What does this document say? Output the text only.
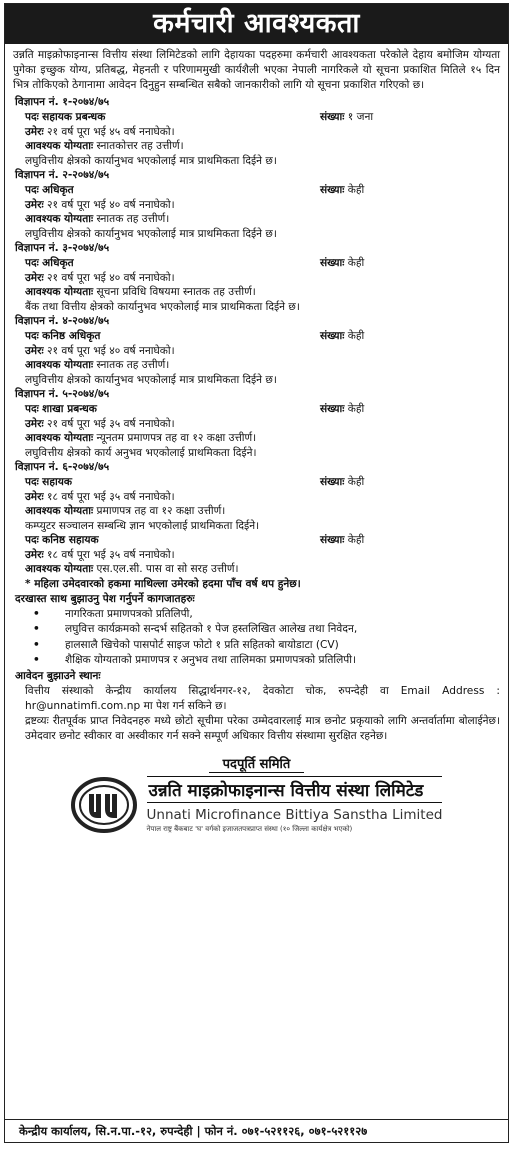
कर्मचारी आवश्यकता
उन्नति माइक्रोफाइनान्स वित्तीय संस्था लिमिटेडको लागि देहायका पदहरुमा कर्मचारी आवश्यकता परेकोले देहाय बमोजिम योग्यता पुगेका इच्छुक योग्य, प्रतिबद्ध, मेहनती र परिणाममुखी कार्यशैली भएका नेपाली नागरिकले यो सूचना प्रकाशित मितिले १५ दिन भित्र तोकिएको ठेगानामा आवेदन दिनुहुन सम्बन्धित सबैको जानकारीको लागि यो सूचना प्रकाशित गरिएको छ।
विज्ञापन नं. १-२०७४/७५
पदः सहायक प्रबन्धक	संख्याः १ जना
उमेरः २१ वर्ष पूरा भई ४५ वर्ष ननाघेको।
आवश्यक योग्यताः स्नातकोत्तर तह उत्तीर्ण।
लघुवित्तीय क्षेत्रको कार्यानुभव भएकोलाई मात्र प्राथमिकता दिईने छ।
विज्ञापन नं. २-२०७४/७५
पदः अधिकृत	संख्याः केही
उमेरः २१ वर्ष पूरा भई ४० वर्ष ननाघेको।
आवश्यक योग्यताः स्नातक तह उत्तीर्ण।
लघुवित्तीय क्षेत्रको कार्यानुभव भएकोलाई मात्र प्राथमिकता दिईने छ।
विज्ञापन नं. ३-२०७४/७५
पदः अधिकृत	संख्याः केही
उमेरः २१ वर्ष पूरा भई ४० वर्ष ननाघेको।
आवश्यक योग्यताः सूचना प्रविधि विषयमा स्नातक तह उत्तीर्ण।
बैंक तथा वित्तीय क्षेत्रको कार्यानुभव भएकोलाई मात्र प्राथमिकता दिईने छ।
विज्ञापन नं. ४-२०७४/७५
पदः कनिष्ठ अधिकृत	संख्याः केही
उमेरः २१ वर्ष पूरा भई ४० वर्ष ननाघेको।
आवश्यक योग्यताः स्नातक तह उत्तीर्ण।
लघुवित्तीय क्षेत्रको कार्यानुभव भएकोलाई मात्र प्राथमिकता दिईने छ।
विज्ञापन नं. ५-२०७४/७५
पदः शाखा प्रबन्धक	संख्याः केही
उमेरः २१ वर्ष पूरा भई ३५ वर्ष ननाघेको।
आवश्यक योग्यताः न्यूनतम प्रमाणपत्र तह वा १२ कक्षा उत्तीर्ण।
लघुवित्तीय क्षेत्रको कार्य अनुभव भएकोलाई प्राथमिकता दिईने।
विज्ञापन नं. ६-२०७४/७५
पदः सहायक	संख्याः केही
उमेरः १८ वर्ष पूरा भई ३५ वर्ष ननाघेको।
आवश्यक योग्यताः प्रमाणपत्र तह वा १२ कक्षा उत्तीर्ण।
कम्प्युटर सञ्चालन सम्बन्धि ज्ञान भएकोलाई प्राथमिकता दिईने।
पदः कनिष्ठ सहायक	संख्याः केही
उमेरः १८ वर्ष पूरा भई ३५ वर्ष ननाघेको।
आवश्यक योग्यताः एस.एल.सी. पास वा सो सरह उत्तीर्ण।
* महिला उमेदवारको हकमा माथिल्ला उमेरको हदमा पाँच वर्ष थप हुनेछ।
दरखास्त साथ बुझाउनु पेश गर्नुपर्ने कागजातहरुः
• नागरिकता प्रमाणपत्रको प्रतिलिपी,
• लघुवित्त कार्यक्रमको सन्दर्भ सहितको १ पेज हस्तलिखित आलेख तथा निवेदन,
• हालसालै खिचेको पासपोर्ट साइज फोटो १ प्रति सहितको बायोडाटा (CV)
• शैक्षिक योग्यताको प्रमाणपत्र र अनुभव तथा तालिमका प्रमाणपत्रको प्रतिलिपी।
आवेदन बुझाउने स्थानः
वित्तीय संस्थाको केन्द्रीय कार्यालय सिद्धार्थनगर-१२, देवकोटा चोक, रुपन्देही वा Email Address : hr@unnatimfi.com.np मा पेश गर्न सकिने छ।
द्रष्टव्यः रीतपूर्वक प्राप्त निवेदनहरु मध्ये छोटो सूचीमा परेका उम्मेदवारलाई मात्र छनोट प्रकृयाको लागि अन्तर्वार्तामा बोलाईनेछ। उमेदवार छनोट स्वीकार वा अस्वीकार गर्न सक्ने सम्पूर्ण अधिकार वित्तीय संस्थामा सुरक्षित रहनेछ।
पदपूर्ति समिति
उन्नति माइक्रोफाइनान्स वित्तीय संस्था लिमिटेड
Unnati Microfinance Bittiya Sanstha Limited
नेपाल राष्ट्र बैंकबाट 'घ' वर्गको इजाजतपत्रप्राप्त संस्था (१० जिल्ला कार्यक्षेत्र भएको)
केन्द्रीय कार्यालय, सि.न.पा.-१२, रुपन्देही | फोन नं. ०७१-५२११२६, ०७१-५२११२७
